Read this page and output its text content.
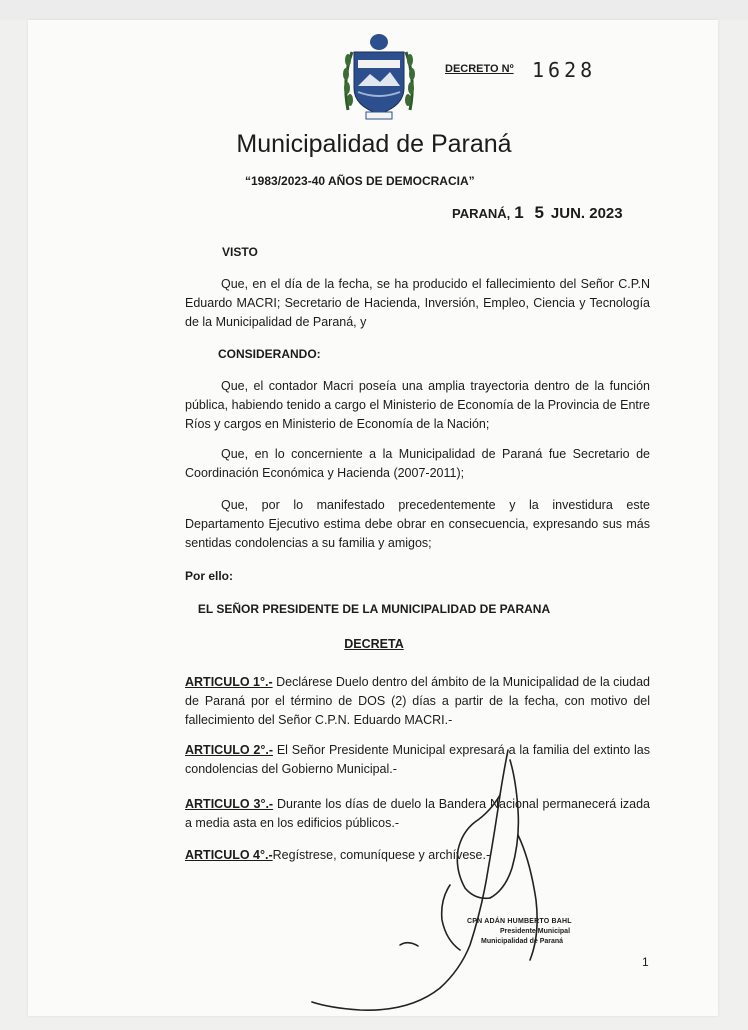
DECRETO Nº 1628
Municipalidad de Paraná
“1983/2023-40 AÑOS DE DEMOCRACIA”
PARANÁ, 1 5 JUN. 2023
VISTO
Que, en el día de la fecha, se ha producido el fallecimiento del Señor C.P.N Eduardo MACRI; Secretario de Hacienda, Inversión, Empleo, Ciencia y Tecnología de la Municipalidad de Paraná, y
CONSIDERANDO:
Que, el contador Macri poseía una amplia trayectoria dentro de la función pública, habiendo tenido a cargo el Ministerio de Economía de la Provincia de Entre Ríos y cargos en Ministerio de Economía de la Nación;
Que, en lo concerniente a la Municipalidad de Paraná fue Secretario de Coordinación Económica y Hacienda (2007-2011);
Que, por lo manifestado precedentemente y la investidura este Departamento Ejecutivo estima debe obrar en consecuencia, expresando sus más sentidas condolencias a su familia y amigos;
Por ello:
EL SEÑOR PRESIDENTE DE LA MUNICIPALIDAD DE PARANA
DECRETA
ARTICULO 1°.- Declárese Duelo dentro del ámbito de la Municipalidad de la ciudad de Paraná por el término de DOS (2) días a partir de la fecha, con motivo del fallecimiento del Señor C.P.N. Eduardo MACRI.-
ARTICULO 2°.- El Señor Presidente Municipal expresará a la familia del extinto las condolencias del Gobierno Municipal.-
ARTICULO 3°.- Durante los días de duelo la Bandera Nacional permanecerá izada a media asta en los edificios públicos.-
ARTICULO 4°.-Regístrese, comuníquese y archívese.-
CPN ADÁN HUMBERTO BAHL
Presidente Municipal
Municipalidad de Paraná
1
